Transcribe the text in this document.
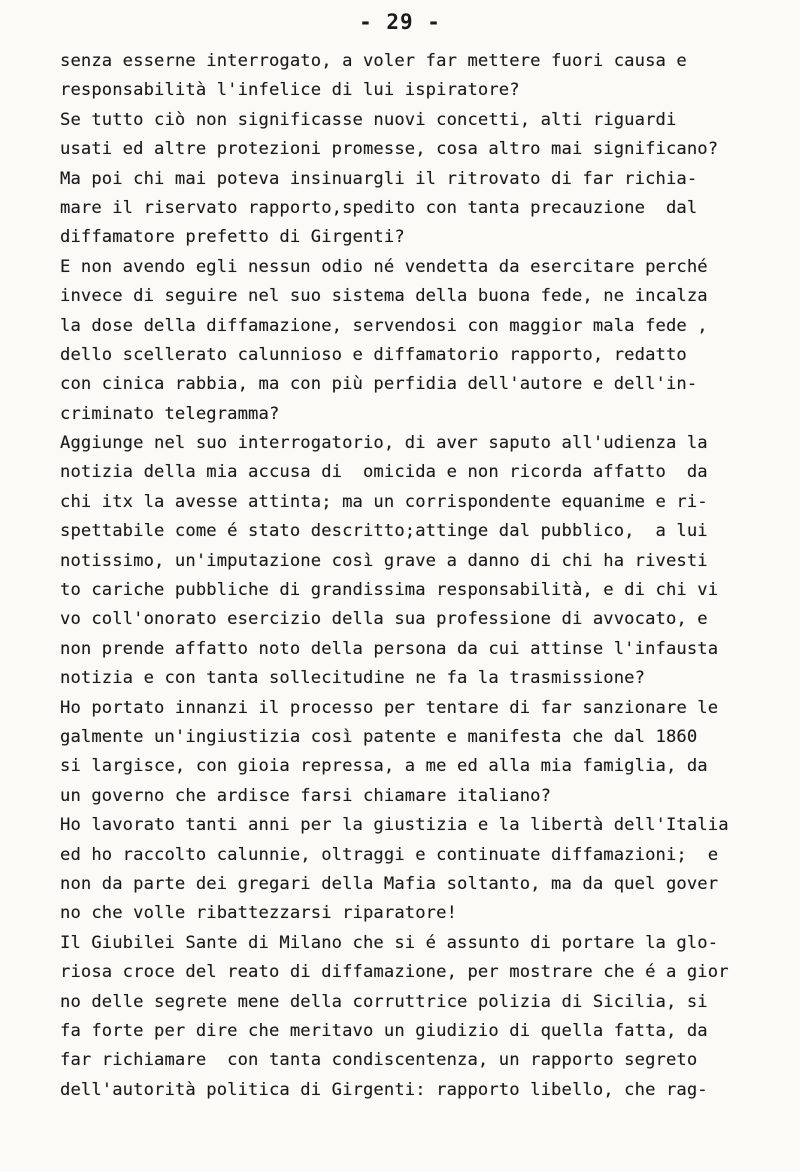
- 29 -
senza esserne interrogato, a voler far mettere fuori causa e
responsabilità l'infelice di lui ispiratore?
Se tutto ciò non significasse nuovi concetti, alti riguardi
usati ed altre protezioni promesse, cosa altro mai significano?
Ma poi chi mai poteva insinuargli il ritrovato di far richia-
mare il riservato rapporto,spedito con tanta precauzione  dal
diffamatore prefetto di Girgenti?
E non avendo egli nessun odio né vendetta da esercitare perché
invece di seguire nel suo sistema della buona fede, ne incalza
la dose della diffamazione, servendosi con maggior mala fede ,
dello scellerato calunnioso e diffamatorio rapporto, redatto
con cinica rabbia, ma con più perfidia dell'autore e dell'in-
criminato telegramma?
Aggiunge nel suo interrogatorio, di aver saputo all'udienza la
notizia della mia accusa di  omicida e non ricorda affatto  da
chi itx la avesse attinta; ma un corrispondente equanime e ri-
spettabile come é stato descritto;attinge dal pubblico,  a lui
notissimo, un'imputazione così grave a danno di chi ha rivesti
to cariche pubbliche di grandissima responsabilità, e di chi vi
vo coll'onorato esercizio della sua professione di avvocato, e
non prende affatto noto della persona da cui attinse l'infausta
notizia e con tanta sollecitudine ne fa la trasmissione?
Ho portato innanzi il processo per tentare di far sanzionare le
galmente un'ingiustizia così patente e manifesta che dal 1860
si largisce, con gioia repressa, a me ed alla mia famiglia, da
un governo che ardisce farsi chiamare italiano?
Ho lavorato tanti anni per la giustizia e la libertà dell'Italia
ed ho raccolto calunnie, oltraggi e continuate diffamazioni;  e
non da parte dei gregari della Mafia soltanto, ma da quel gover
no che volle ribattezzarsi riparatore!
Il Giubilei Sante di Milano che si é assunto di portare la glo-
riosa croce del reato di diffamazione, per mostrare che é a gior
no delle segrete mene della corruttrice polizia di Sicilia, si
fa forte per dire che meritavo un giudizio di quella fatta, da
far richiamare  con tanta condiscentenza, un rapporto segreto
dell'autorità politica di Girgenti: rapporto libello, che rag-
